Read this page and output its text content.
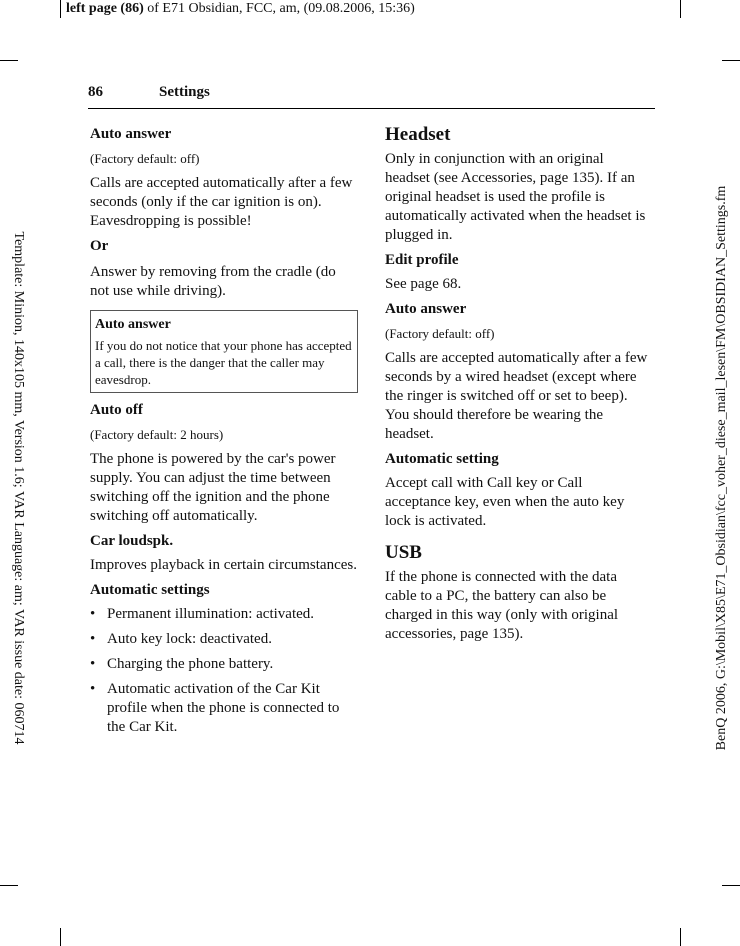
left page (86) of E71 Obsidian, FCC, am, (09.08.2006, 15:36)
Template: Minion, 140x105 mm, Version 1.6; VAR Language: am; VAR issue date: 060714	BenQ 2006, G:\Mobil\X85\E71_Obsidian\fcc_voher_diese_mail_lesen\FM\OBSIDIAN_Settings.fm
86	Settings
Auto answer
(Factory default: off)

Calls are accepted automatically after a few seconds (only if the car ignition is on). Eavesdropping is possible!

Or

Answer by removing from the cradle (do not use while driving).

Auto answer
If you do not notice that your phone has accepted a call, there is the danger that the caller may eavesdrop.
Auto off
(Factory default: 2 hours)

The phone is powered by the car's power supply. You can adjust the time between switching off the ignition and the phone switching off automatically.

Car loudspk.

Improves playback in certain circumstances.

Automatic settings
• Permanent illumination: activated.
• Auto key lock: deactivated.
• Charging the phone battery.
• Automatic activation of the Car Kit profile when the phone is connected to the Car Kit.
Headset

Only in conjunction with an original headset (see Accessories, page 135). If an original headset is used the profile is automatically activated when the headset is plugged in.

Edit profile

See page 68.

Auto answer
(Factory default: off)

Calls are accepted automatically after a few seconds by a wired headset (except where the ringer is switched off or set to beep). You should therefore be wearing the headset.

Automatic setting

Accept call with Call key or Call acceptance key, even when the auto key lock is activated.

USB

If the phone is connected with the data cable to a PC, the battery can also be charged in this way (only with original accessories, page 135).
